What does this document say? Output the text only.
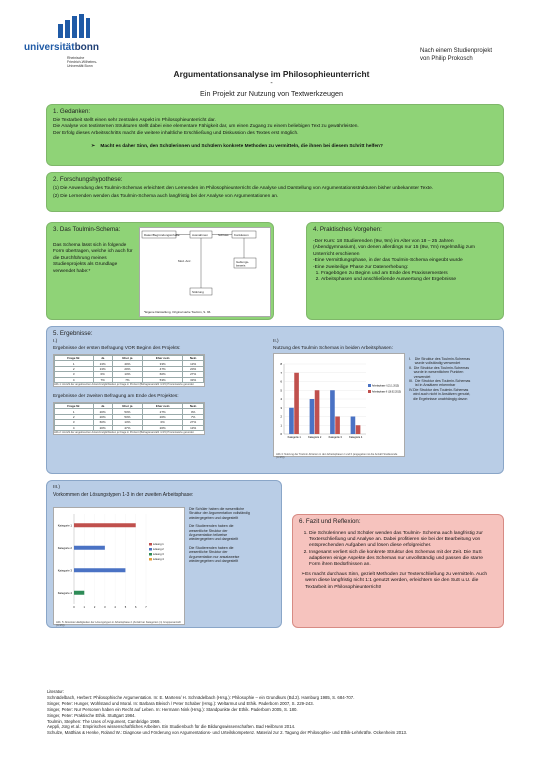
universitätbonn
Rheinische
Friedrich-Wilhelms-
Universität Bonn
Nach einem Studienprojekt
von Philip Prokosch
Argumentationsanalyse im Philosophieunterricht
-
Ein Projekt zur Nutzung von Textwerkzeugen
1. Gedanken:
Die Textarbeit stellt einen sehr zentralen Aspekt im Philosophieunterricht dar.
Die Analyse von textinternen Strukturen stellt dabei eine elementare Fähigkeit dar, um einen Zugang zu einem beliebigen Text zu gewährleisten.
Der Erfolg dieses Arbeitsschritts macht die weitere inhaltliche Erschließung und Diskussion des Textes erst möglich.
➢ Macht es daher Sinn, den Schülerinnen und Schülern konkrete Methoden zu vermitteln, die ihnen bei diesem Schritt helfen?
2. Forschungshypothese:
(1) Die Anwendung des Toulmin-Schemas erleichtert den Lernenden im Philosophieunterricht die Analyse und Darstellung von Argumentationsstrukturen bisher unbekannter Texte.
(2) Die Lernenden wenden das Toulmin-Schema auch langfristig bei der Analyse von Argumentationen an.
3. Das Toulmin-Schema:
Das Schema lässt sich in folgende Form übertragen, welche ich auch für die Durchführung meines Studienprojekts als Grundlage verwendet habe:*
Daten/Begründungsinhalte	Ausnahmen	Schluss Konklusion
Geltungs-
beweis
Stützung
Mod. Anz.
*Eigene Darstellung, Original siehe Toulmin, S. 96.
4. Praktisches Vorgehen:
-Der Kurs: 18 Studierenden (9w, 9m) im Alter von 18 – 25 Jahren (Abendgymnasium), von denen allerdings nur 15 (8w, 7m) regelmäßig zum Unterricht erschienen
-Eine Vermittlungsphase, in der das Toulmin-Schema eingeübt wurde
-Eine zweiteilige Phase zur Datenerhebung:
1. Fragebögen zu Beginn und am Ende des Praxissemesters
2. Arbeitsphasen und anschließende Auswertung der Ergebnisse
5. Ergebnisse:
I.)
Ergebnisse der ersten Befragung VOR Beginn des Projekts:
Frage Nr.	Ja	Eher ja	Eher nein	Nein
1	13%	40%	33%	13%
2	13%	20%	47%	20%
3	0%	13%	60%	27%
4	7%	7%	53%	33%
Abb.1: Anzahl der angekreuzten Antwortmöglichkeiten je Frage in Prozent (Befragtenanzahl n=15) Prozentwerte gerundet
Ergebnisse der zweiten Befragung am Ende des Projektes:
Frage Nr.	Ja	Eher ja	Eher nein	Nein
1	20%	53%	27%	0%
2	20%	53%	20%	7%
3	60%	13%	0%	27%
4	20%	47%	20%	13%
Abb.2: Anzahl der angekreuzten Antwortmöglichkeiten je Frage in Prozent (Befragtenanzahl n=15) Prozentwerte gerundet
II.)
Nutzung des Toulmin Schemas in beiden Arbeitsphasen:
0
1
2
3
4
5
6
7
8
Kategorie 1	Kategorie 2	Kategorie 3	Kategorie 4
Arbeitsphase I (21.1.2015)
Arbeitsphase II (18.02.2015)
Abb.3: Nutzung der Toulmin-Kriterien in den Arbeitsphasen I und II (angegeben ist die Anzahl Studierende (n=15))
I.	Die Struktur des Toulmin-Schemas wurde vollständig verwendet
II. Die Struktur des Toulmin-Schemas wurde in wesentlichen Punkten verwendet
III. Die Struktur des Toulmin-Schemas ist in Ansätzen erkennbar
IV. Die Struktur des Toulmin-Schemas wird auch nicht in Ansätzen genutzt, die Ergebnisse unabhängig davon
III.)
Vorkommen der Lösungstypen 1-3 in der zweiten Arbeitsphase:
0	1	2	3	4	5	6	7
Kategorie 1
Kategorie 2
Kategorie 3
Kategorie 4
Lösung 1
Lösung 2
Lösung 3
Lösung 4
Abb. 5: Absolute Häufigkeiten der Lösungstypen in Arbeitsphase 2 (Anzahl an Kategorien (n) Gruppenanzahl (n=15))
Die Schüler haben die wesentliche Struktur der Argumentation vollständig wiedergegeben und dargestellt
Die Studierenden haben die wesentliche Struktur der Argumentation teilweise wiedergegeben und dargestellt
Die Studierenden haben die wesentliche Struktur der Argumentation nur ansatzweise wiedergegeben und dargestellt
6. Fazit und Reflexion:
1. Die Schülerinnen und Schüler wenden das Toulmin- Schema auch langfristig zur Texterschließung und Analyse an. Dabei profitieren sie bei der Bearbeitung von entsprechenden Aufgaben und lösen diese erfolgreicher.
2. Insgesamt verliert sich die konkrete Struktur des Schemas mit der Zeit. Die SuS adaptieren einige Aspekte des Schemas nur unvollständig und passen die starre Form ihren Bedürfnissen an.
➢ Es macht durchaus Sinn, gezielt Methoden zur Texterschließung zu vermitteln. Auch wenn diese langfristig nicht 1:1 genutzt werden, erleichtern sie den SuS u.U. die Textarbeit im Philosophieunterricht!
Literatur:
Schnädelbach, Herbert: Philosophische Argumentation. In: E. Martens/ H. Schnädelbach (Hrsg.): Philosophie – ein Grundkurs (Bd.2). Hamburg 1985, S. 684-707.
Singer, Peter: Hunger, Wohlstand und Moral. In: Barbara Bleisch / Peter Schaber (Hrsg.): Weltarmut und Ethik. Paderborn 2007, S. 229-243.
Singer, Peter: Nur Personen haben ein Recht auf Leben. In: Hermann Nink (Hrsg.): Standpunkte der Ethik. Paderborn 2005, S. 180.
Singer, Peter: Praktische Ethik. Stuttgart 1984.
Toulmin, Stephen: The Uses of Argument, Cambridge 1969.
Aeppli, Jürg et al.: Empirisches wissenschaftliches Arbeiten. Ein Studienbuch für die Bildungswissenschaften. Bad Heilbrunn 2014.
Schulze, Matthias & Henke, Roland W.: Diagnose und Förderung von Argumentations- und Urteilskompetenz. Material zur 2. Tagung der Philosophie- und Ethik-Lehrkräfte. Ockenheim 2013.
